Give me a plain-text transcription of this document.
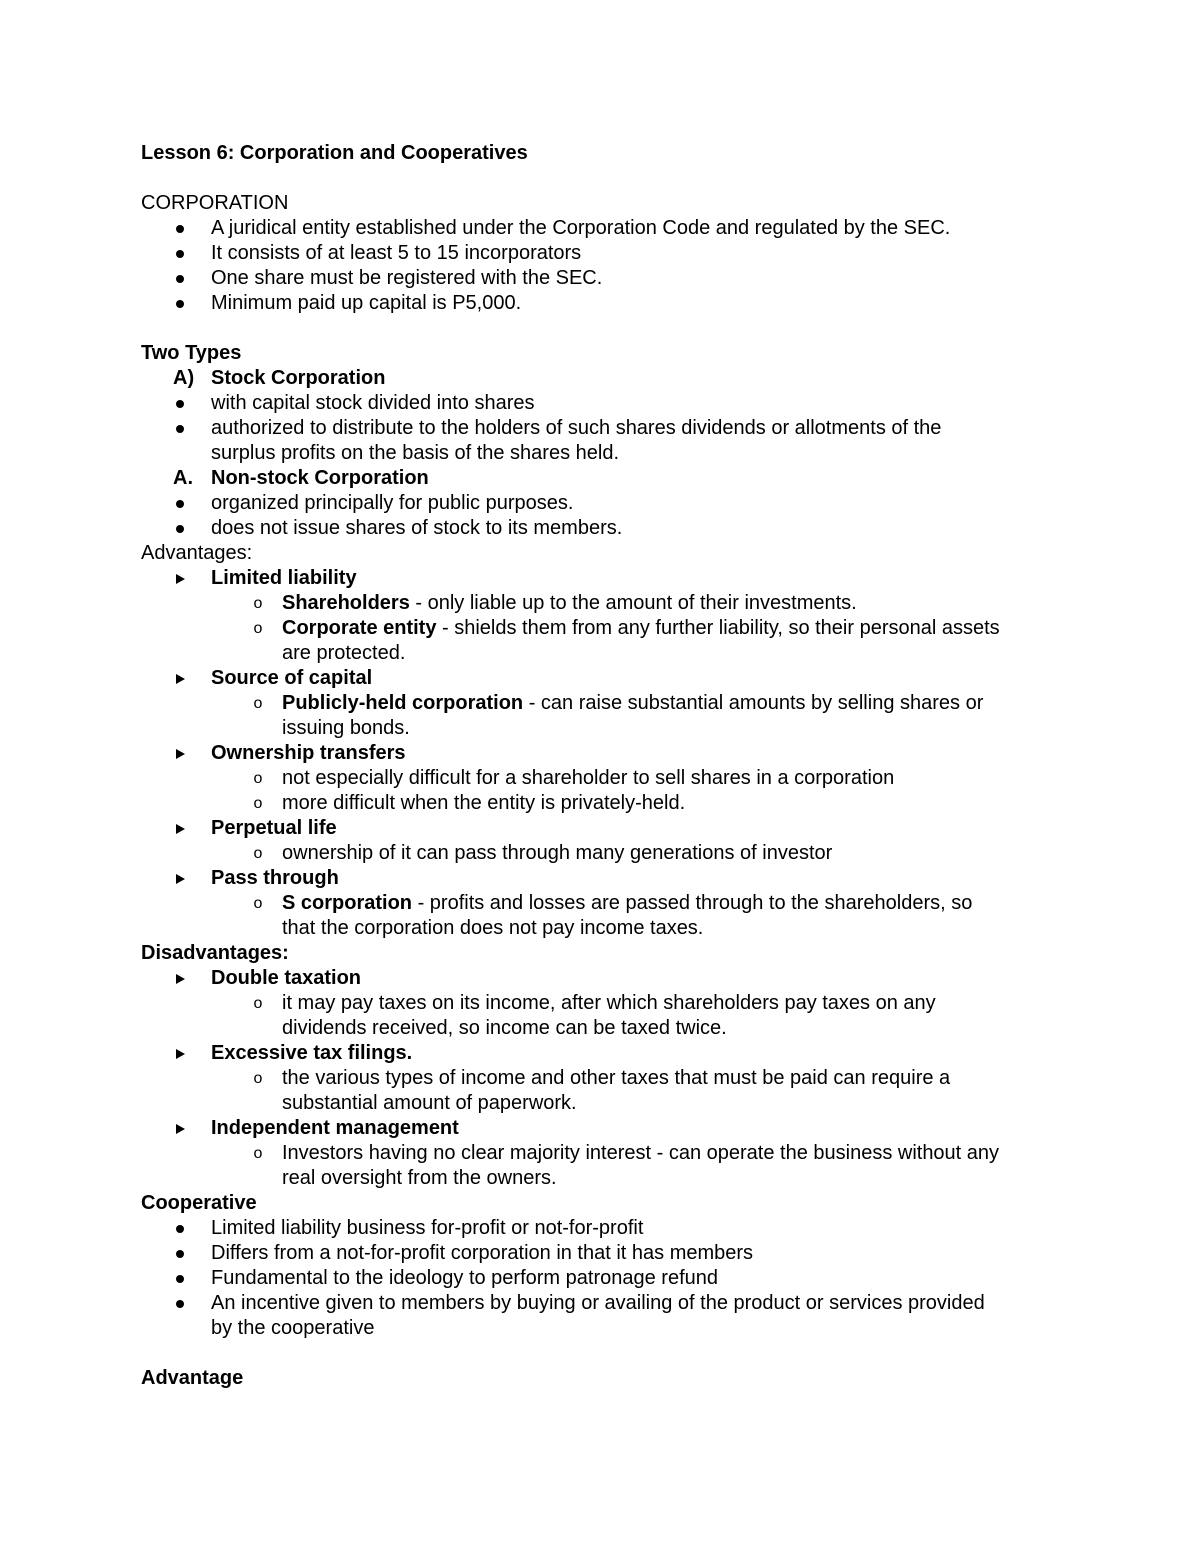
Lesson 6: Corporation and Cooperatives
CORPORATION
A juridical entity established under the Corporation Code and regulated by the SEC.
It consists of at least 5 to 15 incorporators
One share must be registered with the SEC.
Minimum paid up capital is P5,000.
Two Types
A) Stock Corporation
with capital stock divided into shares
authorized to distribute to the holders of such shares dividends or allotments of the
surplus profits on the basis of the shares held.
A. Non-stock Corporation
organized principally for public purposes.
does not issue shares of stock to its members.
Advantages:
Limited liability
o Shareholders - only liable up to the amount of their investments.
o Corporate entity - shields them from any further liability, so their personal assets
are protected.
Source of capital
o Publicly-held corporation - can raise substantial amounts by selling shares or
issuing bonds.
Ownership transfers
o not especially difficult for a shareholder to sell shares in a corporation
o more difficult when the entity is privately-held.
Perpetual life
o ownership of it can pass through many generations of investor
Pass through
o S corporation - profits and losses are passed through to the shareholders, so
that the corporation does not pay income taxes.
Disadvantages:
Double taxation
o it may pay taxes on its income, after which shareholders pay taxes on any
dividends received, so income can be taxed twice.
Excessive tax filings.
o the various types of income and other taxes that must be paid can require a
substantial amount of paperwork.
Independent management
o Investors having no clear majority interest - can operate the business without any
real oversight from the owners.
Cooperative
Limited liability business for-profit or not-for-profit
Differs from a not-for-profit corporation in that it has members
Fundamental to the ideology to perform patronage refund
An incentive given to members by buying or availing of the product or services provided
by the cooperative
Advantage
